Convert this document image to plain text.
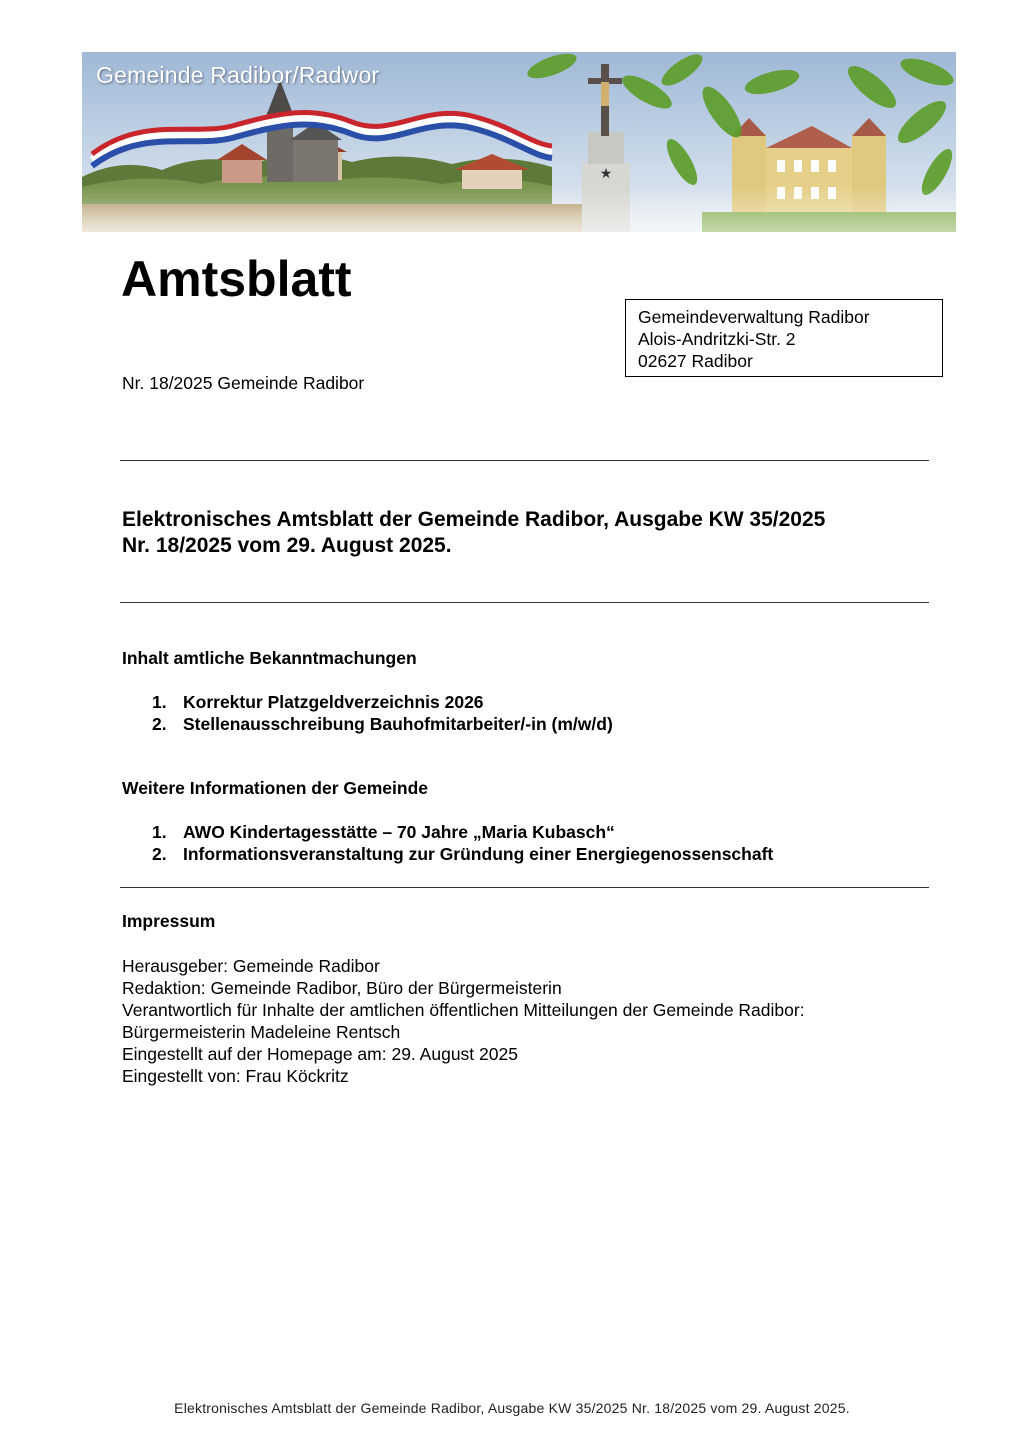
Gemeinde Radibor/Radwor
Amtsblatt
Gemeindeverwaltung Radibor
Alois-Andritzki-Str. 2
02627 Radibor
Nr. 18/2025 Gemeinde Radibor
Elektronisches Amtsblatt der Gemeinde Radibor, Ausgabe KW 35/2025
Nr. 18/2025 vom 29. August 2025.
Inhalt amtliche Bekanntmachungen
1. Korrektur Platzgeldverzeichnis 2026
2. Stellenausschreibung Bauhofmitarbeiter/-in (m/w/d)
Weitere Informationen der Gemeinde
1. AWO Kindertagesstätte – 70 Jahre „Maria Kubasch“
2. Informationsveranstaltung zur Gründung einer Energiegenossenschaft
Impressum
Herausgeber: Gemeinde Radibor
Redaktion: Gemeinde Radibor, Büro der Bürgermeisterin
Verantwortlich für Inhalte der amtlichen öffentlichen Mitteilungen der Gemeinde Radibor:
Bürgermeisterin Madeleine Rentsch
Eingestellt auf der Homepage am: 29. August 2025
Eingestellt von: Frau Köckritz
Elektronisches Amtsblatt der Gemeinde Radibor, Ausgabe KW 35/2025 Nr. 18/2025 vom 29. August 2025.
